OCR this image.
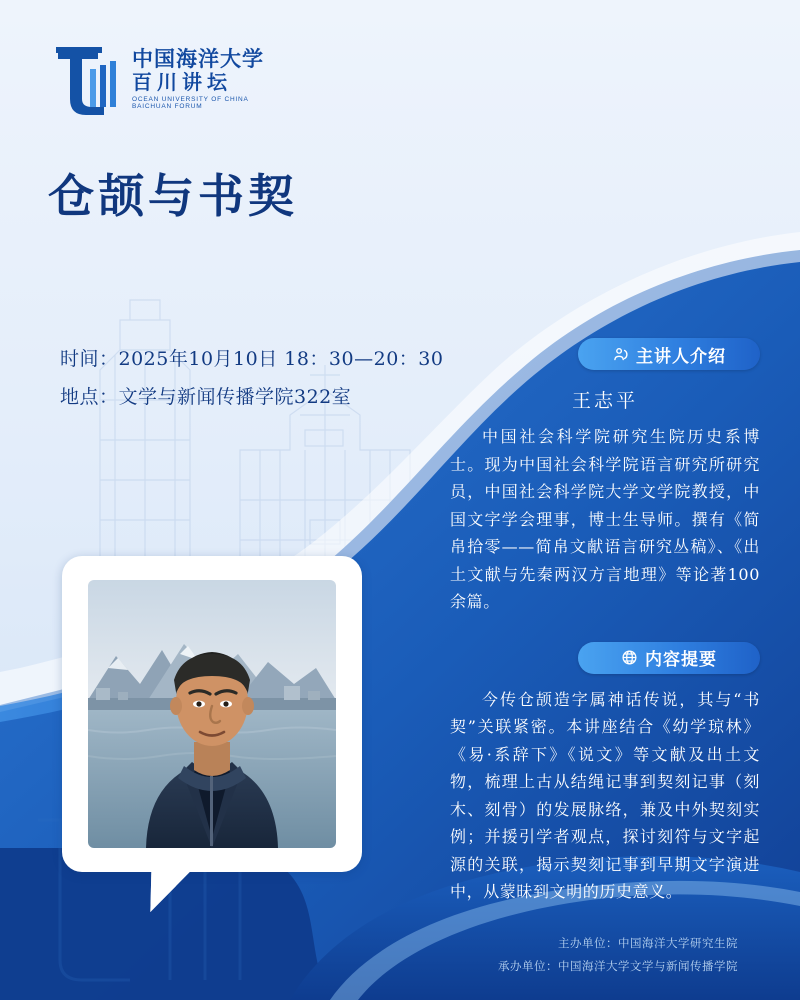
中国海洋大学
百川讲坛
OCEAN UNIVERSITY OF CHINA
BAICHUAN FORUM
仓颉与书契
时间：2025年10月10日 18：30—20：30
地点：文学与新闻传播学院322室
主讲人介绍
王志平
中国社会科学院研究生院历史系博士。现为中国社会科学院语言研究所研究员，中国社会科学院大学文学院教授，中国文字学会理事，博士生导师。撰有《简帛拾零——简帛文献语言研究丛稿》、《出土文献与先秦两汉方言地理》等论著100余篇。
内容提要
今传仓颉造字属神话传说，其与“书契”关联紧密。本讲座结合《幼学琼林》《易·系辞下》《说文》等文献及出土文物，梳理上古从结绳记事到契刻记事（刻木、刻骨）的发展脉络，兼及中外契刻实例；并援引学者观点，探讨刻符与文字起源的关联，揭示契刻记事到早期文字演进中，从蒙昧到文明的历史意义。
主办单位：中国海洋大学研究生院
承办单位：中国海洋大学文学与新闻传播学院
